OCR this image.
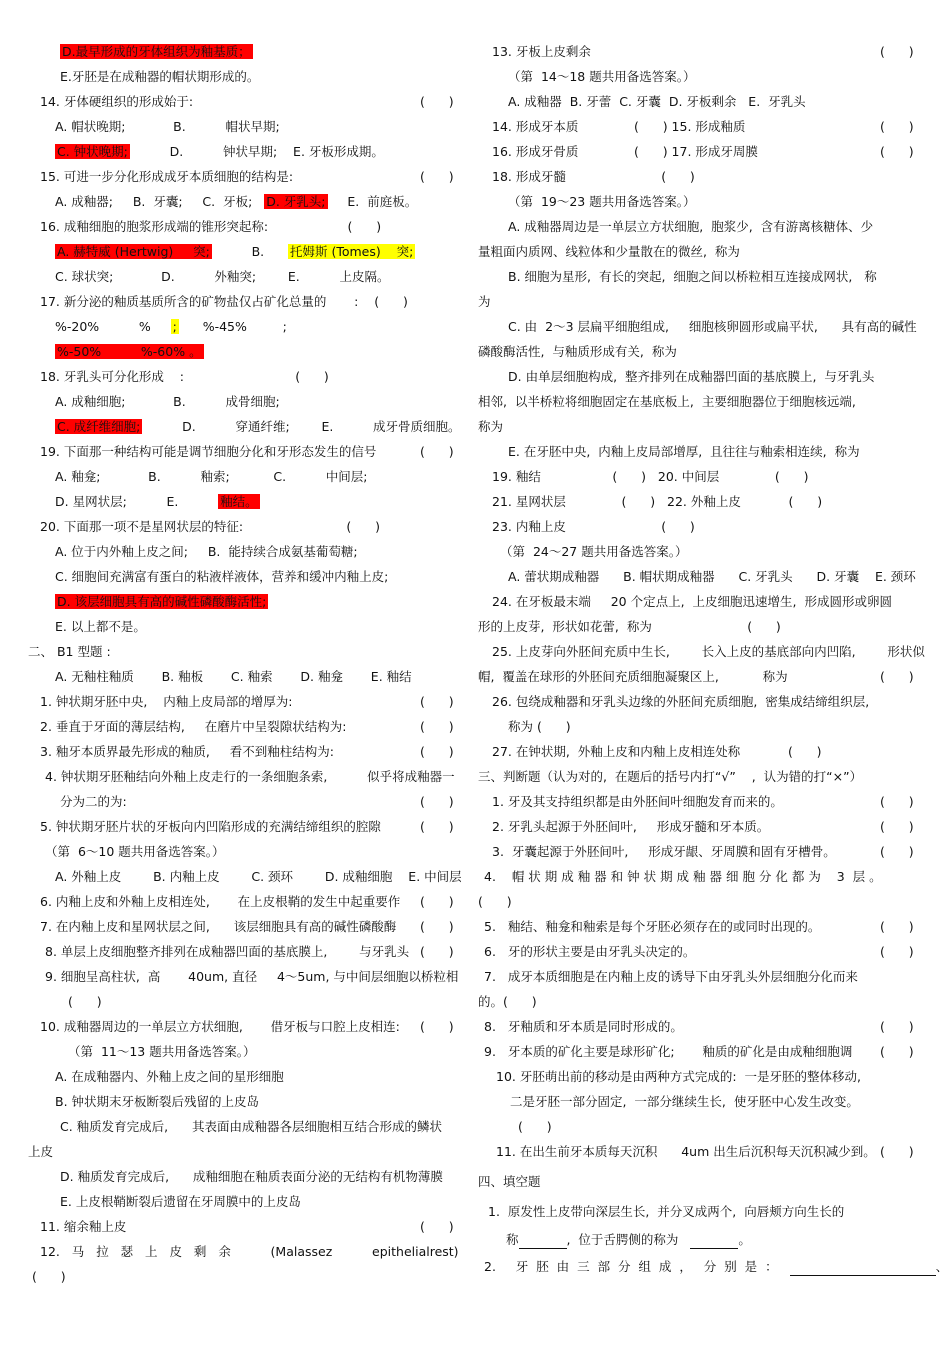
D.最早形成的牙体组织为釉基质；
E.牙胚是在成釉器的帽状期形成的。
14. 牙体硬组织的形成始于:	(      )
A. 帽状晚期;            B.          帽状早期;
C. 钟状晚期;          D.          钟状早期;    E. 牙板形成期。
15. 可进一步分化形成成牙本质细胞的结构是:	(      )
A. 成釉器;     B.  牙囊;     C.  牙板;   D. 牙乳头;     E.  前庭板。
16. 成釉细胞的胞浆形成端的锥形突起称:                    (      )
A. 赫特威 (Hertwig)     突;          B.      托姆斯 (Tomes)    突;
C. 球状突;            D.          外釉突;        E.          上皮隔。
17. 新分泌的釉质基质所含的矿物盐仅占矿化总量的       :    (      )
%-20%          %     ;      %-45%         ;
%-50%          %-60% 。
18. 牙乳头可分化形成    :                            (      )
A. 成釉细胞;            B.          成骨细胞;
C. 成纤维细胞;          D.          穿通纤维;        E.          成牙骨质细胞。
19. 下面那一种结构可能是调节细胞分化和牙形态发生的信号	(      )
A. 釉龛;            B.          釉索;           C.          中间层;
D. 星网状层;          E.          釉结。
20. 下面那一项不是星网状层的特征:                          (      )
A. 位于内外釉上皮之间;     B.  能持续合成氨基葡萄糖;
C. 细胞间充满富有蛋白的粘液样液体，营养和缓冲内釉上皮;
D. 该层细胞具有高的碱性磷酸酶活性;
E. 以上都不是。
二、 B1 型题 :
A. 无釉柱釉质       B. 釉板       C. 釉索       D. 釉龛       E. 釉结
1. 钟状期牙胚中央,    内釉上皮局部的增厚为:	(      )
2. 垂直于牙面的薄层结构,     在磨片中呈裂隙状结构为:	(      )
3. 釉牙本质界最先形成的釉质,     看不到釉柱结构为:	(      )
4. 钟状期牙胚釉结向外釉上皮走行的一条细胞条索,          似乎将成釉器一
分为二的为:	(      )
5. 钟状期牙胚片状的牙板向内凹陷形成的充满结缔组织的腔隙	(      )
（第  6～10 题共用备选答案。）
A. 外釉上皮        B. 内釉上皮        C. 颈环        D. 成釉细胞    E. 中间层
6. 内釉上皮和外釉上皮相连处,       在上皮根鞘的发生中起重要作 (      )
7. 在内釉上皮和星网状层之间,      该层细胞具有高的碱性磷酸酶 (      )
8. 单层上皮细胞整齐排列在成釉器凹面的基底膜上,        与牙乳头 (      )
9. 细胞呈高柱状,  高       40um, 直径     4～5um, 与中间层细胞以桥粒相
(      )
10. 成釉器周边的一单层立方状细胞,       借牙板与口腔上皮相连: (      )
（第  11～13 题共用备选答案。）
A. 在成釉器内、外釉上皮之间的星形细胞
B. 钟状期末牙板断裂后残留的上皮岛
C. 釉质发育完成后,      其表面由成釉器各层细胞相互结合形成的鳞状
上皮
D. 釉质发育完成后,      成釉细胞在釉质表面分泌的无结构有机物薄膜
E. 上皮根鞘断裂后遗留在牙周膜中的上皮岛
11. 缩余釉上皮	(      )
12.   马   拉   瑟   上   皮   剩   余          (Malassez          epithelialrest)
(      )
13. 牙板上皮剩余	(      )
（第  14～18 题共用备选答案。）
A. 成釉器  B. 牙蕾  C. 牙囊  D. 牙板剩余   E.  牙乳头
14. 形成牙本质              (      ) 15. 形成釉质	(      )
16. 形成牙骨质              (      ) 17. 形成牙周膜	(      )
18. 形成牙髓                        (      )
（第  19～23 题共用备选答案。）
A. 成釉器周边是一单层立方状细胞,  胞浆少,  含有游离核糖体、少
量粗面内质网、线粒体和少量散在的微丝,  称为
B. 细胞为星形,  有长的突起,  细胞之间以桥粒相互连接成网状,   称
为
C. 由  2～3 层扁平细胞组成,     细胞核卵圆形或扁平状,      具有高的碱性
磷酸酶活性,  与釉质形成有关,  称为
D. 由单层细胞构成,  整齐排列在成釉器凹面的基底膜上,  与牙乳头
相邻,  以半桥粒将细胞固定在基底板上,  主要细胞器位于细胞核远端,
称为
E. 在牙胚中央,  内釉上皮局部增厚,  且往往与釉索相连续,  称为
19. 釉结                  (      )   20. 中间层              (      )
21. 星网状层              (      )   22. 外釉上皮            (      )
23. 内釉上皮                        (      )
（第  24～27 题共用备选答案。）
A. 蕾状期成釉器      B. 帽状期成釉器      C. 牙乳头      D. 牙囊    E. 颈环
24. 在牙板最末端     20 个定点上,  上皮细胞迅速增生,  形成圆形或卵圆
形的上皮芽,  形状如花蕾,  称为                        (      )
25. 上皮芽向外胚间充质中生长,        长入上皮的基底部向内凹陷,        形状似
帽,  覆盖在球形的外胚间充质细胞凝聚区上,           称为	(      )
26. 包绕成釉器和牙乳头边缘的外胚间充质细胞,  密集成结缔组织层,
称为 (      )
27. 在钟状期,  外釉上皮和内釉上皮相连处称            (      )
三、判断题（认为对的,  在题后的括号内打“√”    ,  认为错的打“×”）
1. 牙及其支持组织都是由外胚间叶细胞发育而来的。	(      )
2. 牙乳头起源于外胚间叶,     形成牙髓和牙本质。	(      )
3.  牙囊起源于外胚间叶,     形成牙龈、牙周膜和固有牙槽骨。	(      )
4.    帽 状 期 成 釉 器 和 钟 状 期 成 釉 器 细 胞 分 化 都 为    3  层 。
(      )
5.   釉结、釉龛和釉索是每个牙胚必须存在的或同时出现的。	(      )
6.   牙的形状主要是由牙乳头决定的。	(      )
7.   成牙本质细胞是在内釉上皮的诱导下由牙乳头外层细胞分化而来
的。(      )
8.   牙釉质和牙本质是同时形成的。	(      )
9.   牙本质的矿化主要是球形矿化;       釉质的矿化是由成釉细胞调 (      )
10. 牙胚萌出前的移动是由两种方式完成的:  一是牙胚的整体移动,
二是牙胚一部分固定,  一部分继续生长,  使牙胚中心发生改变。
(      )
11. 在出生前牙本质每天沉积      4um 出生后沉积每天沉积减少到。 (      )
四、填空题
1.  原发性上皮带向深层生长,  并分叉成两个,  向唇颊方向生长的
称	,  位于舌腭侧的称为	。
2.     牙  胚  由  三  部  分  组  成  ，   分  别  是  ：	、
